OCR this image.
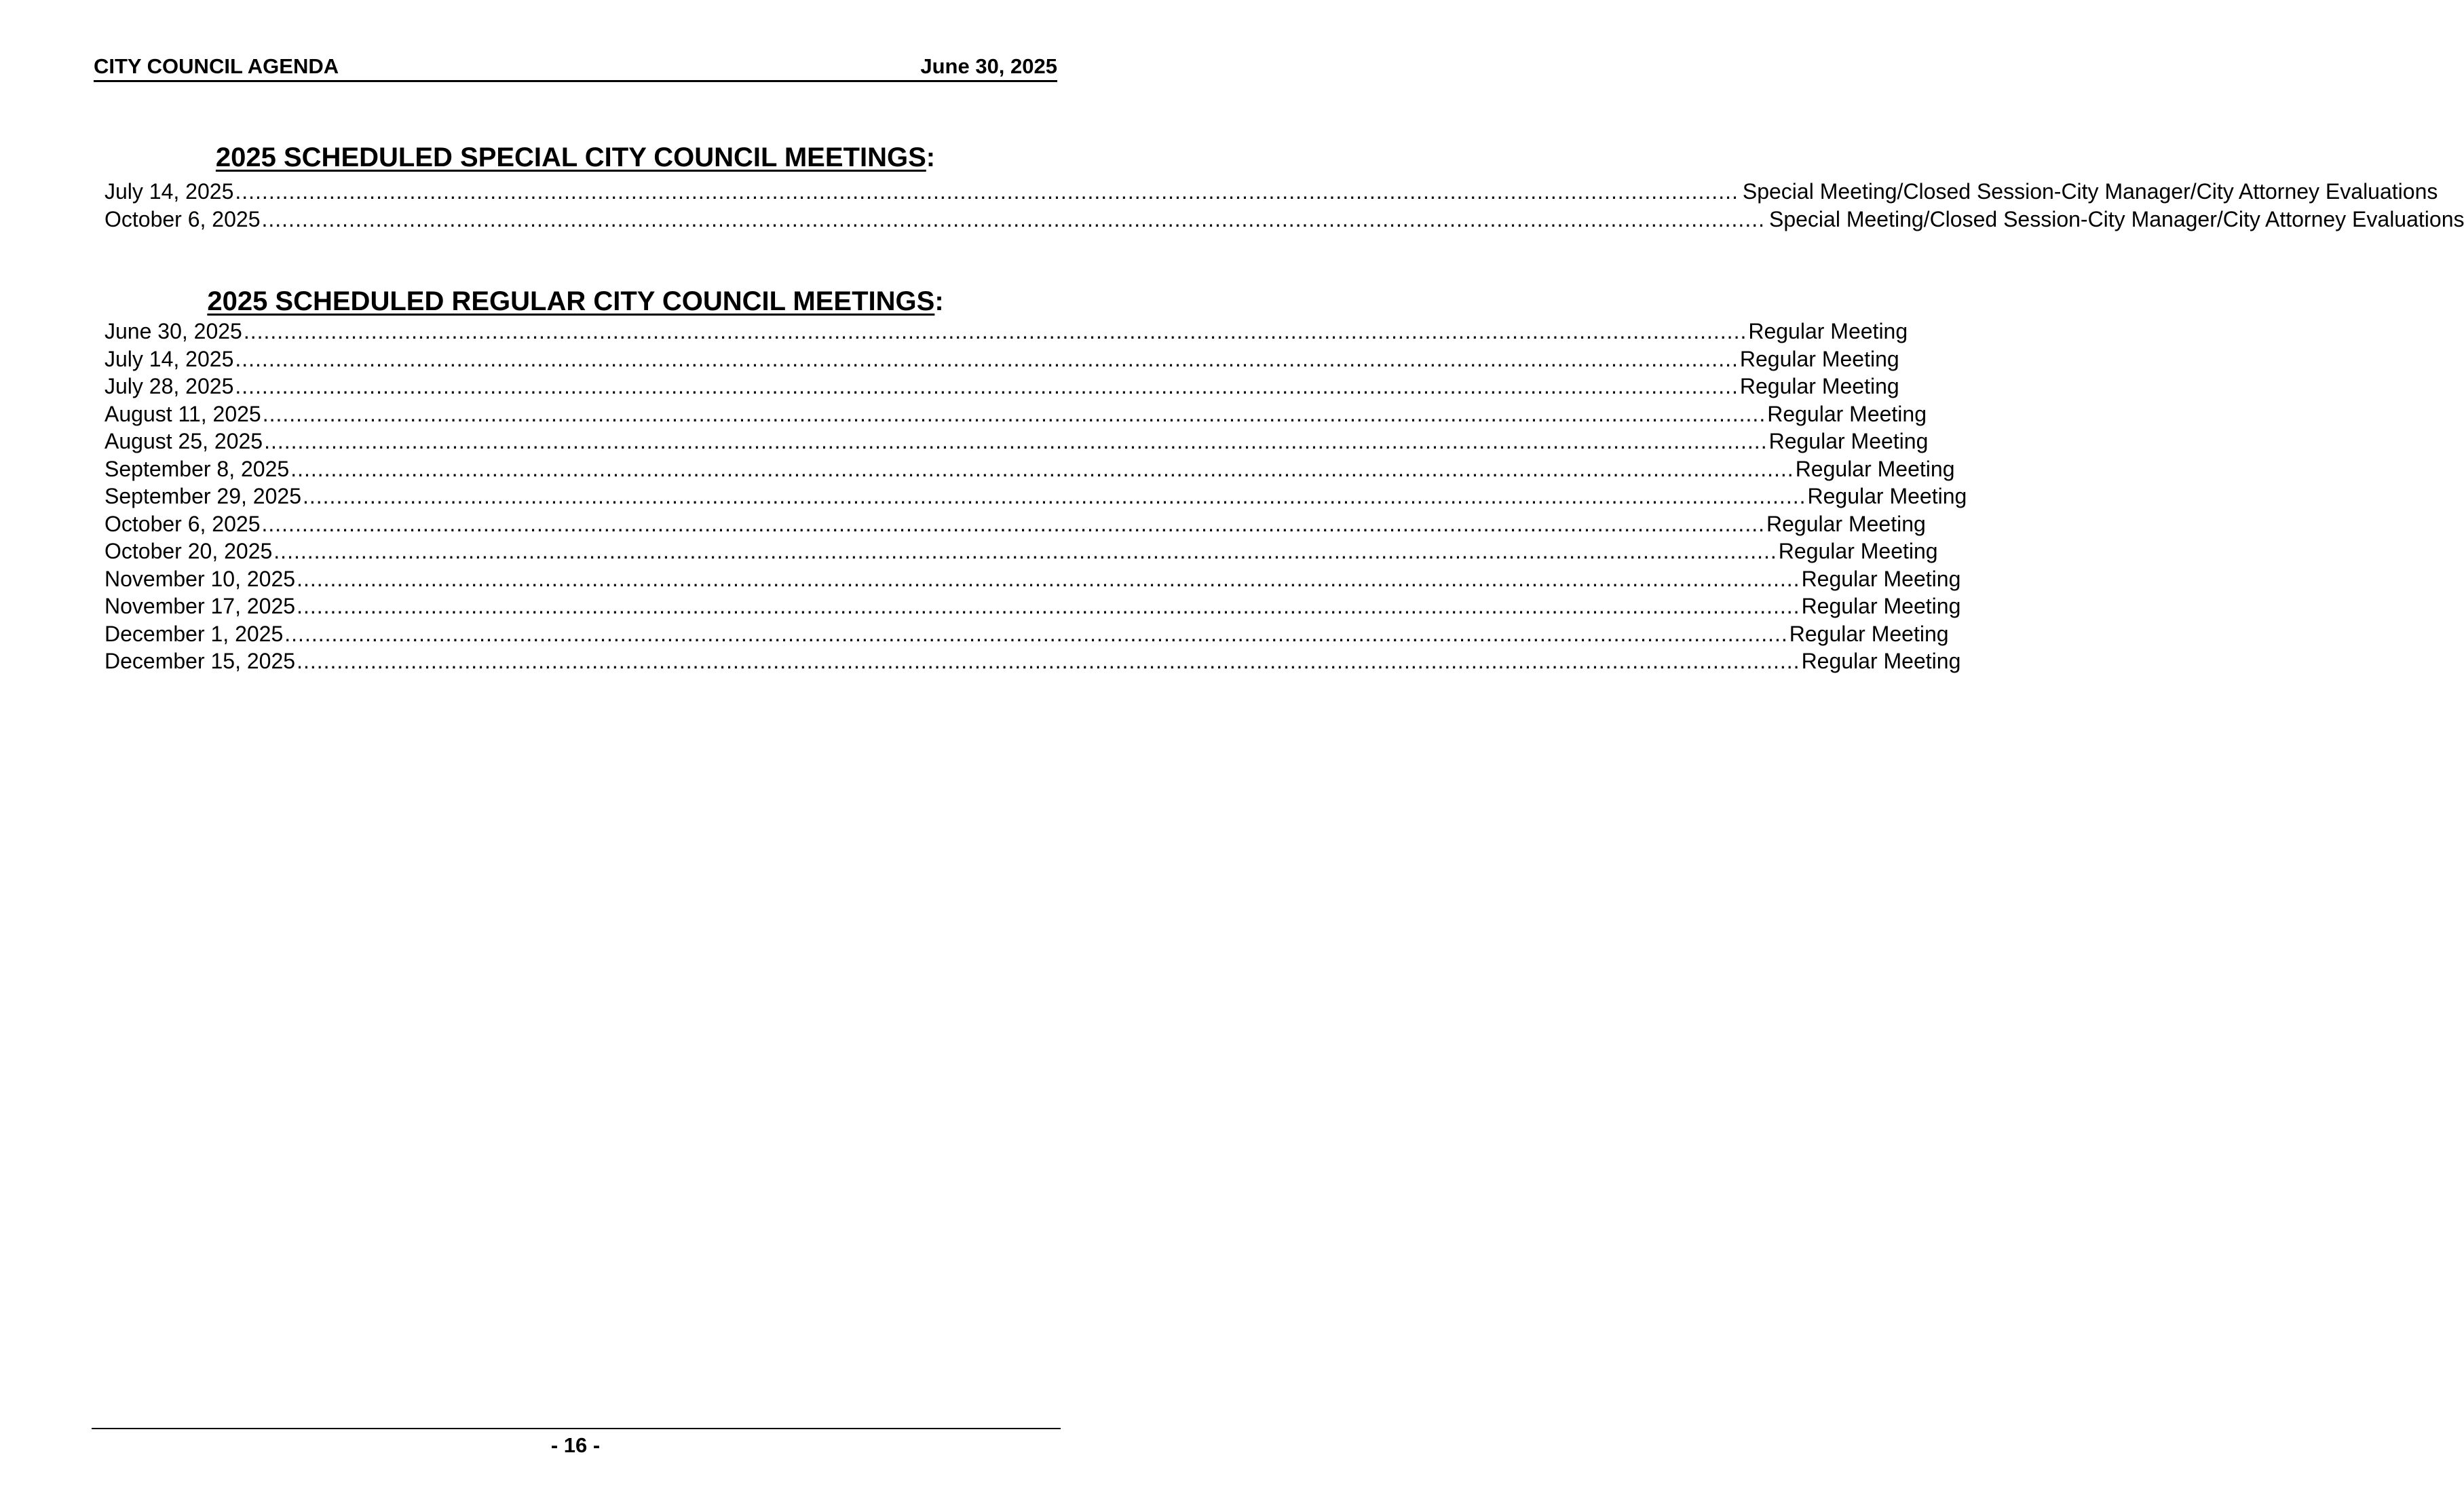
CITY COUNCIL AGENDA	June 30, 2025
2025 SCHEDULED SPECIAL CITY COUNCIL MEETINGS:
July 14, 2025 ................................................................................................................................................................................................................................ Special Meeting/Closed Session-City Manager/City Attorney Evaluations
October 6, 2025 ................................................................................................................................................................................................................................ Special Meeting/Closed Session-City Manager/City Attorney Evaluations
2025 SCHEDULED REGULAR CITY COUNCIL MEETINGS:
June 30, 2025 ................................................................................................................................................................................................................................ Regular Meeting
July 14, 2025 ................................................................................................................................................................................................................................ Regular Meeting
July 28, 2025 ................................................................................................................................................................................................................................ Regular Meeting
August 11, 2025 ................................................................................................................................................................................................................................ Regular Meeting
August 25, 2025 ................................................................................................................................................................................................................................ Regular Meeting
September 8, 2025 ................................................................................................................................................................................................................................ Regular Meeting
September 29, 2025 ................................................................................................................................................................................................................................ Regular Meeting
October 6, 2025 ................................................................................................................................................................................................................................ Regular Meeting
October 20, 2025 ................................................................................................................................................................................................................................ Regular Meeting
November 10, 2025 ................................................................................................................................................................................................................................ Regular Meeting
November 17, 2025 ................................................................................................................................................................................................................................ Regular Meeting
December 1, 2025 ................................................................................................................................................................................................................................ Regular Meeting
December 15, 2025 ................................................................................................................................................................................................................................ Regular Meeting
- 16 -
